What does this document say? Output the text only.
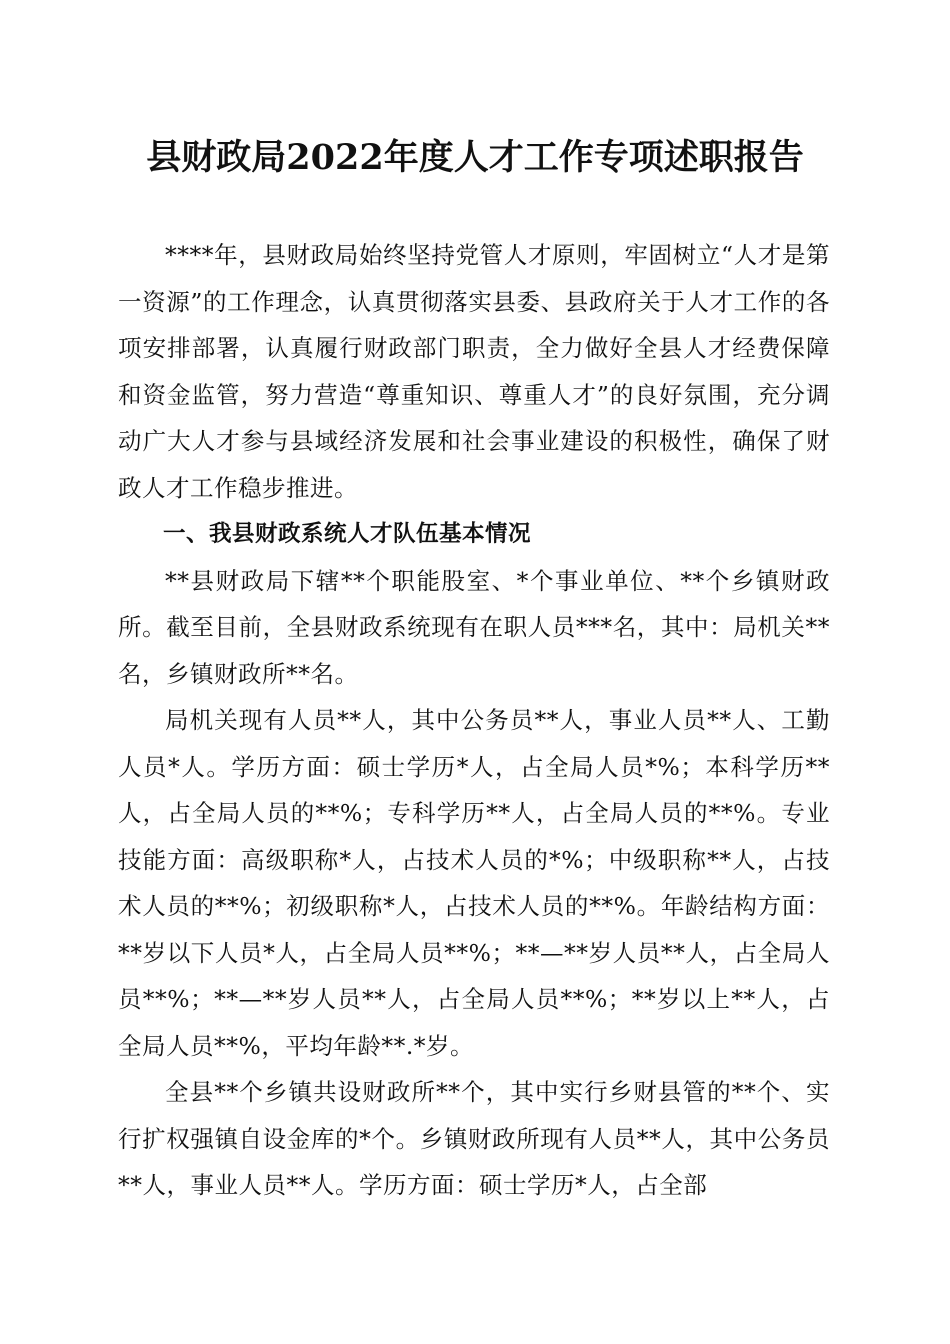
县财政局2022年度人才工作专项述职报告

****年，县财政局始终坚持党管人才原则，牢固树立“人才是第一资源”的工作理念，认真贯彻落实县委、县政府关于人才工作的各项安排部署，认真履行财政部门职责，全力做好全县人才经费保障和资金监管，努力营造“尊重知识、尊重人才”的良好氛围，充分调动广大人才参与县域经济发展和社会事业建设的积极性，确保了财政人才工作稳步推进。

一、我县财政系统人才队伍基本情况

**县财政局下辖**个职能股室、*个事业单位、**个乡镇财政所。截至目前，全县财政系统现有在职人员***名，其中：局机关**名，乡镇财政所**名。

局机关现有人员**人，其中公务员**人，事业人员**人、工勤人员*人。学历方面：硕士学历*人，占全局人员*%；本科学历**人，占全局人员的**%；专科学历**人，占全局人员的**%。专业技能方面：高级职称*人，占技术人员的*%；中级职称**人，占技术人员的**%；初级职称*人，占技术人员的**%。年龄结构方面：**岁以下人员*人，占全局人员**%；**—**岁人员**人，占全局人员**%；**—**岁人员**人，占全局人员**%；**岁以上**人，占全局人员**%，平均年龄**.*岁。

全县**个乡镇共设财政所**个，其中实行乡财县管的**个、实行扩权强镇自设金库的*个。乡镇财政所现有人员**人，其中公务员**人，事业人员**人。学历方面：硕士学历*人，占全部
